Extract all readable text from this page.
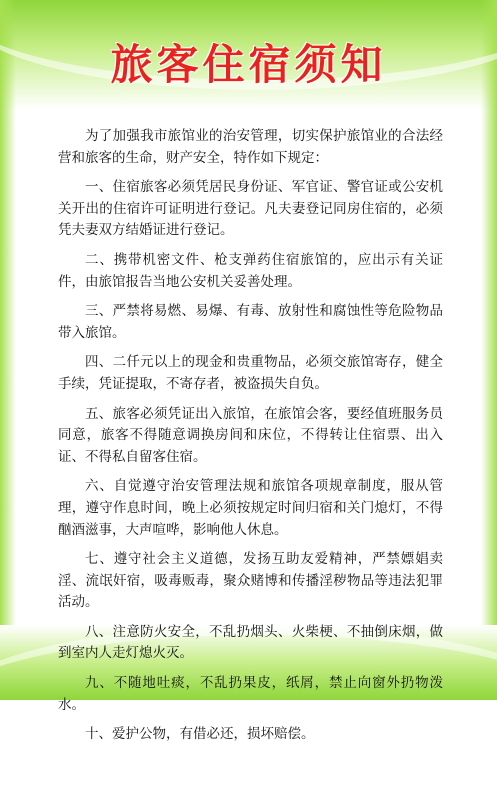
旅客住宿须知

为了加强我市旅馆业的治安管理，切实保护旅馆业的合法经营和旅客的生命，财产安全，特作如下规定：

一、住宿旅客必须凭居民身份证、军官证、警官证或公安机关开出的住宿许可证明进行登记。凡夫妻登记同房住宿的，必须凭夫妻双方结婚证进行登记。

二、携带机密文件、枪支弹药住宿旅馆的，应出示有关证件，由旅馆报告当地公安机关妥善处理。

三、严禁将易燃、易爆、有毒、放射性和腐蚀性等危险物品带入旅馆。

四、二仟元以上的现金和贵重物品，必须交旅馆寄存，健全手续，凭证提取，不寄存者，被盗损失自负。

五、旅客必须凭证出入旅馆，在旅馆会客，要经值班服务员同意，旅客不得随意调换房间和床位，不得转让住宿票、出入证、不得私自留客住宿。

六、自觉遵守治安管理法规和旅馆各项规章制度，服从管理，遵守作息时间，晚上必须按规定时间归宿和关门熄灯，不得酗酒滋事，大声喧哗，影响他人休息。

七、遵守社会主义道德，发扬互助友爱精神，严禁嫖娼卖淫、流氓奸宿，吸毒贩毒，聚众赌博和传播淫秽物品等违法犯罪活动。

八、注意防火安全，不乱扔烟头、火柴梗、不抽倒床烟，做到室内人走灯熄火灭。

九、不随地吐痰，不乱扔果皮，纸屑，禁止向窗外扔物泼水。

十、爱护公物，有借必还，损坏赔偿。
